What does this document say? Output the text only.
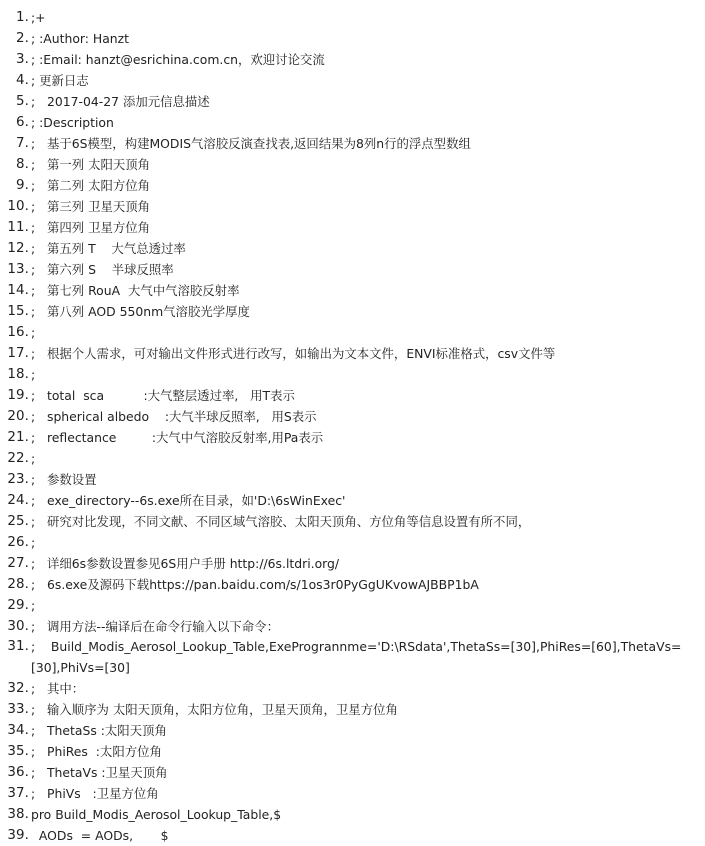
1. ;+
2. ; :Author: Hanzt
3. ; :Email: hanzt@esrichina.com.cn，欢迎讨论交流
4. ; 更新日志
5. ;   2017-04-27 添加元信息描述
6. ; :Description
7. ;   基于6S模型，构建MODIS气溶胶反演查找表,返回结果为8列n行的浮点型数组
8. ;   第一列 太阳天顶角
9. ;   第二列 太阳方位角
10. ;   第三列 卫星天顶角
11. ;   第四列 卫星方位角
12. ;   第五列 T    大气总透过率
13. ;   第六列 S    半球反照率
14. ;   第七列 RouA  大气中气溶胶反射率
15. ;   第八列 AOD 550nm气溶胶光学厚度
16. ;
17. ;   根据个人需求，可对输出文件形式进行改写，如输出为文本文件，ENVI标准格式，csv文件等
18. ;
19. ;   total  sca          :大气整层透过率,   用T表示
20. ;   spherical albedo    :大气半球反照率,   用S表示
21. ;   reflectance         :大气中气溶胶反射率,用Pa表示
22. ;
23. ;   参数设置
24. ;   exe_directory--6s.exe所在目录，如'D:\6sWinExec'
25. ;   研究对比发现，不同文献、不同区域气溶胶、太阳天顶角、方位角等信息设置有所不同，
26. ;
27. ;   详细6s参数设置参见6S用户手册 http://6s.ltdri.org/
28. ;   6s.exe及源码下载https://pan.baidu.com/s/1os3r0PyGgUKvowAJBBP1bA
29. ;
30. ;   调用方法--编译后在命令行输入以下命令：
31. ;    Build_Modis_Aerosol_Lookup_Table,ExeProgrannme='D:\RSdata',ThetaSs=[30],PhiRes=[60],ThetaVs=[30],PhiVs=[30]
32. ;   其中：
33. ;   输入顺序为 太阳天顶角，太阳方位角，卫星天顶角，卫星方位角
34. ;   ThetaSs :太阳天顶角
35. ;   PhiRes  :太阳方位角
36. ;   ThetaVs :卫星天顶角
37. ;   PhiVs   :卫星方位角
38. pro Build_Modis_Aerosol_Lookup_Table,$
39. AODs  = AODs,       $
